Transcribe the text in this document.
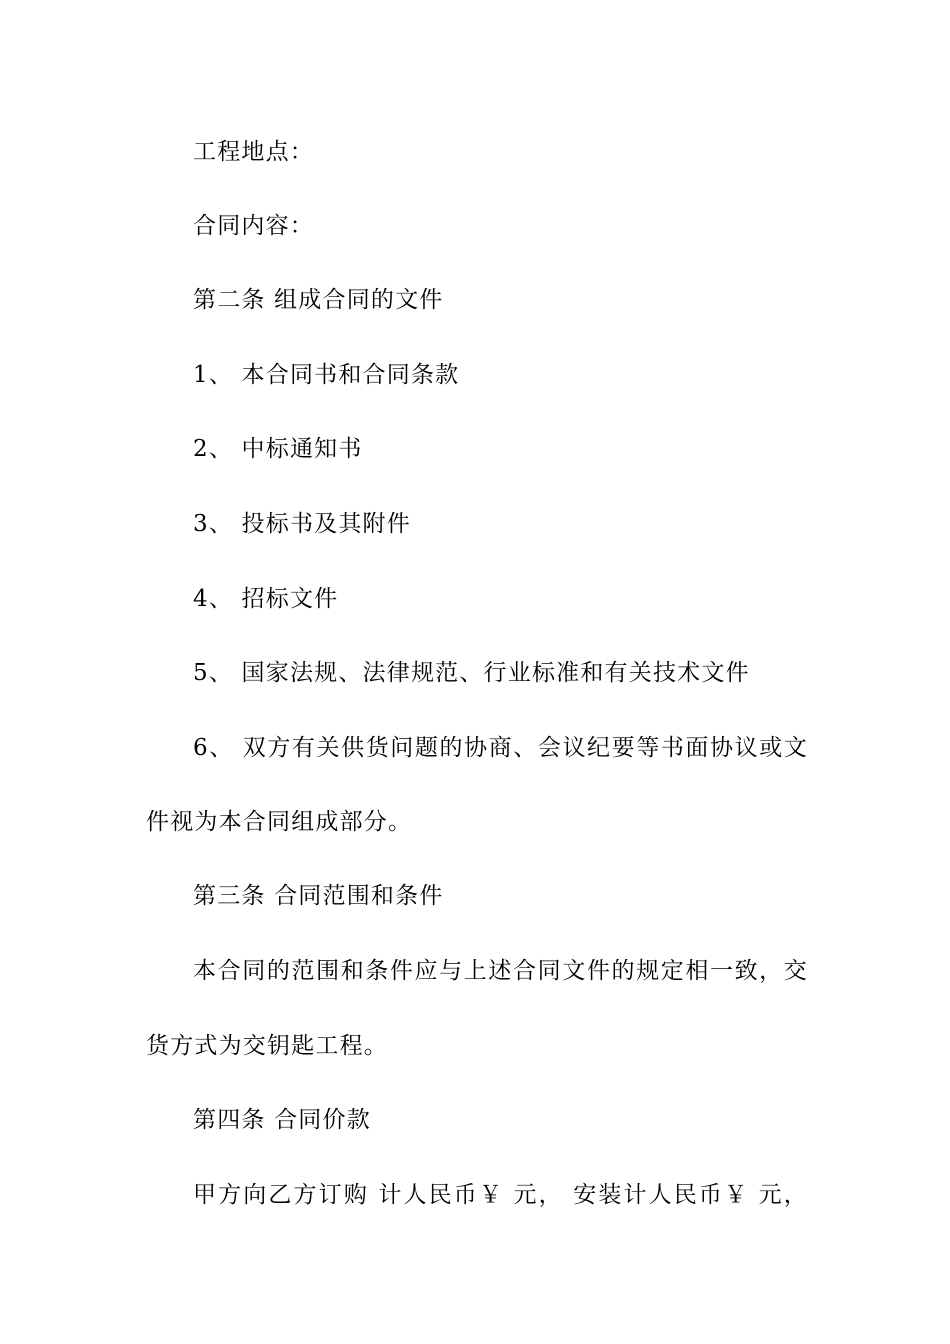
工程地点：
合同内容：
第二条 组成合同的文件
1、 本合同书和合同条款
2、 中标通知书
3、 投标书及其附件
4、 招标文件
5、 国家法规、法律规范、行业标准和有关技术文件
6、 双方有关供货问题的协商、会议纪要等书面协议或文
件视为本合同组成部分。
第三条 合同范围和条件
本合同的范围和条件应与上述合同文件的规定相一致，交
货方式为交钥匙工程。
第四条 合同价款
甲方向乙方订购 计人民币￥ 元， 安装计人民币￥ 元，
